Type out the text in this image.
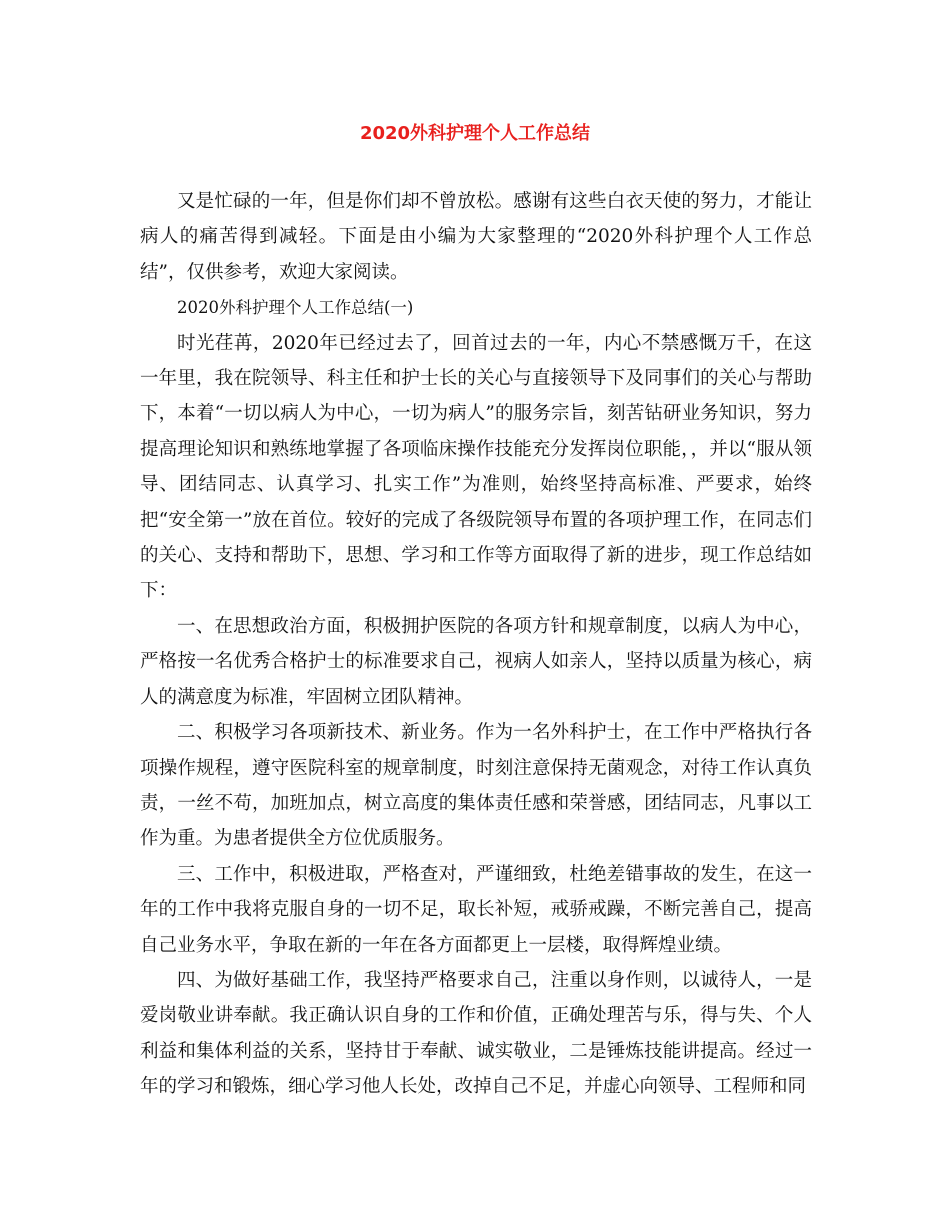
2020外科护理个人工作总结

又是忙碌的一年，但是你们却不曾放松。感谢有这些白衣天使的努力，才能让病人的痛苦得到减轻。下面是由小编为大家整理的“2020外科护理个人工作总结”，仅供参考，欢迎大家阅读。

2020外科护理个人工作总结(一)

时光荏苒，2020年已经过去了，回首过去的一年，内心不禁感慨万千，在这一年里，我在院领导、科主任和护士长的关心与直接领导下及同事们的关心与帮助下，本着“一切以病人为中心，一切为病人”的服务宗旨，刻苦钻研业务知识，努力提高理论知识和熟练地掌握了各项临床操作技能充分发挥岗位职能，，并以“服从领导、团结同志、认真学习、扎实工作”为准则，始终坚持高标准、严要求，始终把“安全第一”放在首位。较好的完成了各级院领导布置的各项护理工作，在同志们的关心、支持和帮助下，思想、学习和工作等方面取得了新的进步，现工作总结如下：

一、在思想政治方面，积极拥护医院的各项方针和规章制度，以病人为中心，严格按一名优秀合格护士的标准要求自己，视病人如亲人，坚持以质量为核心，病人的满意度为标准，牢固树立团队精神。

二、积极学习各项新技术、新业务。作为一名外科护士，在工作中严格执行各项操作规程，遵守医院科室的规章制度，时刻注意保持无菌观念，对待工作认真负责，一丝不苟，加班加点，树立高度的集体责任感和荣誉感，团结同志，凡事以工作为重。为患者提供全方位优质服务。

三、工作中，积极进取，严格查对，严谨细致，杜绝差错事故的发生，在这一年的工作中我将克服自身的一切不足，取长补短，戒骄戒躁，不断完善自己，提高自己业务水平，争取在新的一年在各方面都更上一层楼，取得辉煌业绩。

四、为做好基础工作，我坚持严格要求自己，注重以身作则，以诚待人，一是爱岗敬业讲奉献。我正确认识自身的工作和价值，正确处理苦与乐，得与失、个人利益和集体利益的关系，坚持甘于奉献、诚实敬业，二是锤炼技能讲提高。经过一年的学习和锻炼，细心学习他人长处，改掉自己不足，并虚心向领导、工程师和同
